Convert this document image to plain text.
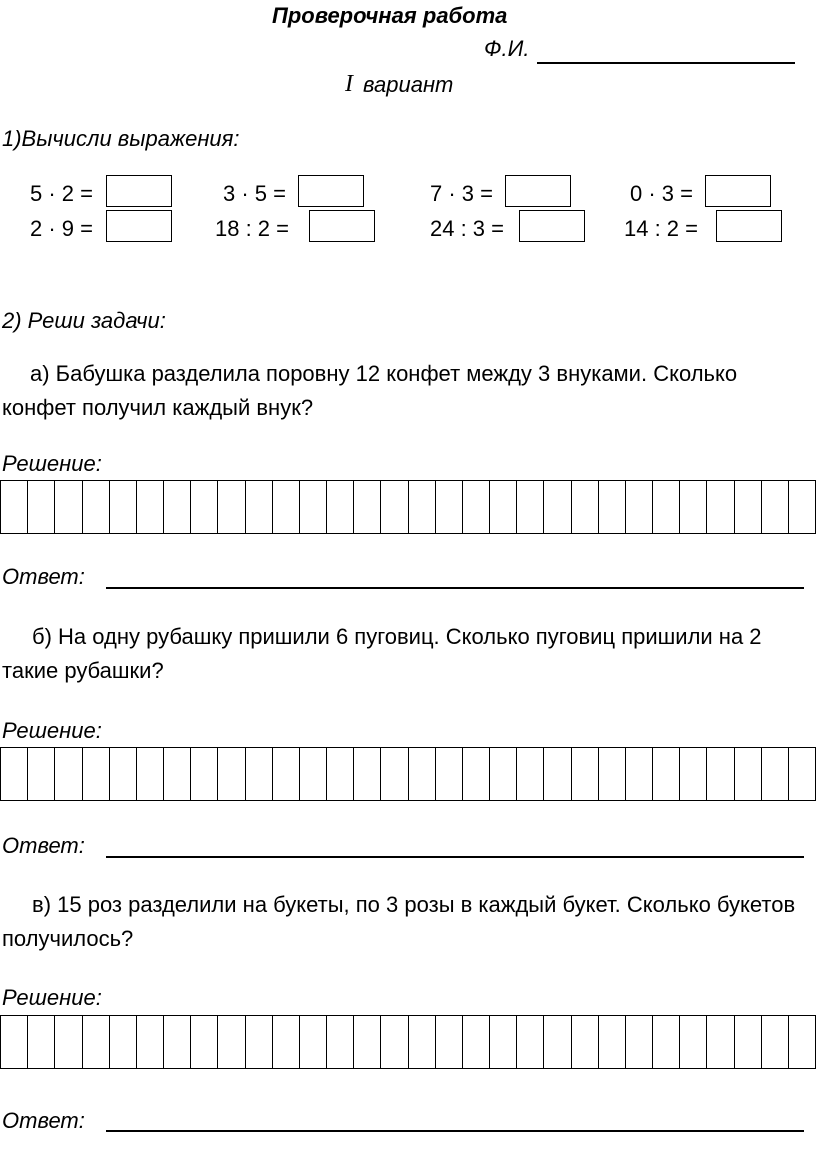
Проверочная работа
Ф.И.
I вариант
1)Вычисли выражения:
5 · 2 =	3 · 5 =	7 · 3 =	0 · 3 =
2 · 9 =	18 : 2 =	24 : 3 =	14 : 2 =
2) Реши задачи:
а) Бабушка разделила поровну 12 конфет между 3 внуками. Сколько конфет получил каждый внук?
Решение:
Ответ:
б) На одну рубашку пришили 6 пуговиц. Сколько пуговиц пришили на 2 такие рубашки?
Решение:
Ответ:
в) 15 роз разделили на букеты, по 3 розы в каждый букет. Сколько букетов получилось?
Решение:
Ответ:
